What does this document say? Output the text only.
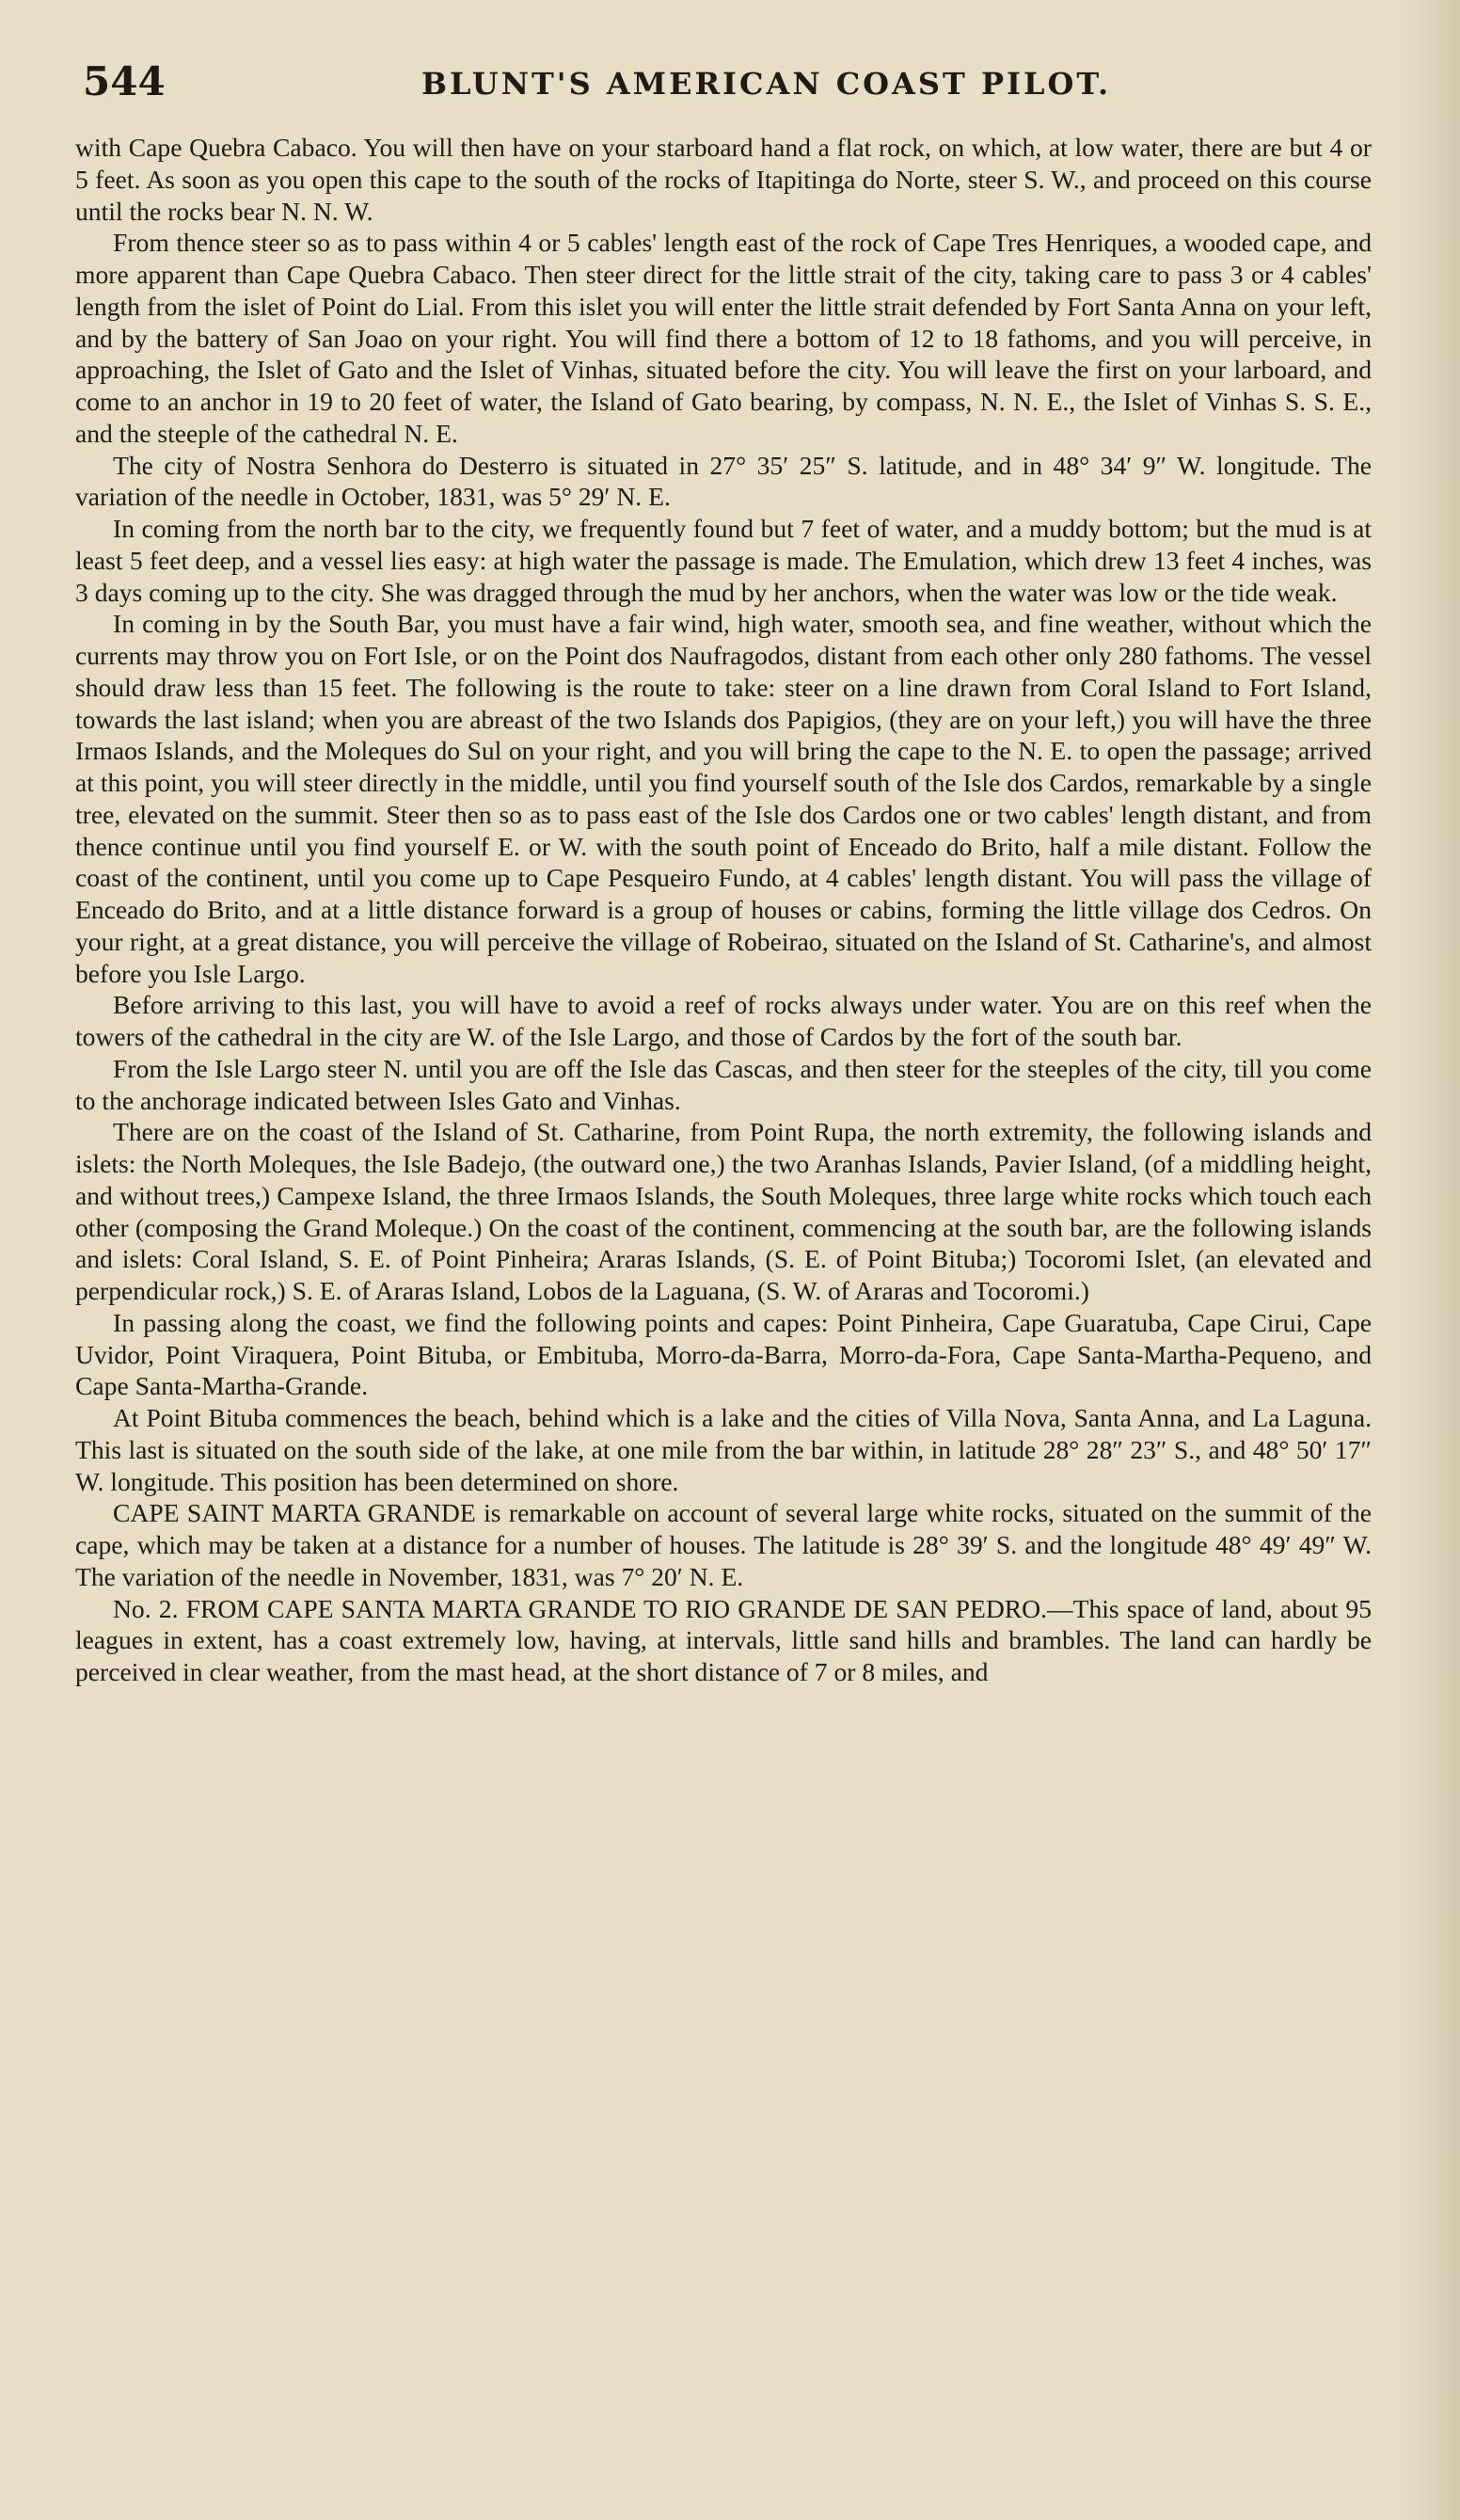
544	BLUNT'S AMERICAN COAST PILOT.

with Cape Quebra Cabaco. You will then have on your starboard hand a flat rock, on which, at low water, there are but 4 or 5 feet. As soon as you open this cape to the south of the rocks of Itapitinga do Norte, steer S. W., and proceed on this course until the rocks bear N. N. W.

From thence steer so as to pass within 4 or 5 cables' length east of the rock of Cape Tres Henriques, a wooded cape, and more apparent than Cape Quebra Cabaco. Then steer direct for the little strait of the city, taking care to pass 3 or 4 cables' length from the islet of Point do Lial. From this islet you will enter the little strait defended by Fort Santa Anna on your left, and by the battery of San Joao on your right. You will find there a bottom of 12 to 18 fathoms, and you will perceive, in approaching, the Islet of Gato and the Islet of Vinhas, situated before the city. You will leave the first on your larboard, and come to an anchor in 19 to 20 feet of water, the Island of Gato bearing, by compass, N. N. E., the Islet of Vinhas S. S. E., and the steeple of the cathedral N. E.

The city of Nostra Senhora do Desterro is situated in 27° 35′ 25″ S. latitude, and in 48° 34′ 9″ W. longitude. The variation of the needle in October, 1831, was 5° 29′ N. E.

In coming from the north bar to the city, we frequently found but 7 feet of water, and a muddy bottom; but the mud is at least 5 feet deep, and a vessel lies easy: at high water the passage is made. The Emulation, which drew 13 feet 4 inches, was 3 days coming up to the city. She was dragged through the mud by her anchors, when the water was low or the tide weak.

In coming in by the South Bar, you must have a fair wind, high water, smooth sea, and fine weather, without which the currents may throw you on Fort Isle, or on the Point dos Naufragodos, distant from each other only 280 fathoms. The vessel should draw less than 15 feet. The following is the route to take: steer on a line drawn from Coral Island to Fort Island, towards the last island; when you are abreast of the two Islands dos Papigios, (they are on your left,) you will have the three Irmaos Islands, and the Moleques do Sul on your right, and you will bring the cape to the N. E. to open the passage; arrived at this point, you will steer directly in the middle, until you find yourself south of the Isle dos Cardos, remarkable by a single tree, elevated on the summit. Steer then so as to pass east of the Isle dos Cardos one or two cables' length distant, and from thence continue until you find yourself E. or W. with the south point of Enceado do Brito, half a mile distant. Follow the coast of the continent, until you come up to Cape Pesqueiro Fundo, at 4 cables' length distant. You will pass the village of Enceado do Brito, and at a little distance forward is a group of houses or cabins, forming the little village dos Cedros. On your right, at a great distance, you will perceive the village of Robeirao, situated on the Island of St. Catharine's, and almost before you Isle Largo.

Before arriving to this last, you will have to avoid a reef of rocks always under water. You are on this reef when the towers of the cathedral in the city are W. of the Isle Largo, and those of Cardos by the fort of the south bar.

From the Isle Largo steer N. until you are off the Isle das Cascas, and then steer for the steeples of the city, till you come to the anchorage indicated between Isles Gato and Vinhas.

There are on the coast of the Island of St. Catharine, from Point Rupa, the north extremity, the following islands and islets: the North Moleques, the Isle Badejo, (the outward one,) the two Aranhas Islands, Pavier Island, (of a middling height, and without trees,) Campexe Island, the three Irmaos Islands, the South Moleques, three large white rocks which touch each other (composing the Grand Moleque.) On the coast of the continent, commencing at the south bar, are the following islands and islets: Coral Island, S. E. of Point Pinheira; Araras Islands, (S. E. of Point Bituba;) Tocoromi Islet, (an elevated and perpendicular rock,) S. E. of Araras Island, Lobos de la Laguana, (S. W. of Araras and Tocoromi.)

In passing along the coast, we find the following points and capes: Point Pinheira, Cape Guaratuba, Cape Cirui, Cape Uvidor, Point Viraquera, Point Bituba, or Embituba, Morro-da-Barra, Morro-da-Fora, Cape Santa-Martha-Pequeno, and Cape Santa-Martha-Grande.

At Point Bituba commences the beach, behind which is a lake and the cities of Villa Nova, Santa Anna, and La Laguna. This last is situated on the south side of the lake, at one mile from the bar within, in latitude 28° 28″ 23″ S., and 48° 50′ 17″ W. longitude. This position has been determined on shore.

CAPE SAINT MARTA GRANDE is remarkable on account of several large white rocks, situated on the summit of the cape, which may be taken at a distance for a number of houses. The latitude is 28° 39′ S. and the longitude 48° 49′ 49″ W. The variation of the needle in November, 1831, was 7° 20′ N. E.

No. 2. FROM CAPE SANTA MARTA GRANDE TO RIO GRANDE DE SAN PEDRO.—This space of land, about 95 leagues in extent, has a coast extremely low, having, at intervals, little sand hills and brambles. The land can hardly be perceived in clear weather, from the mast head, at the short distance of 7 or 8 miles, and
